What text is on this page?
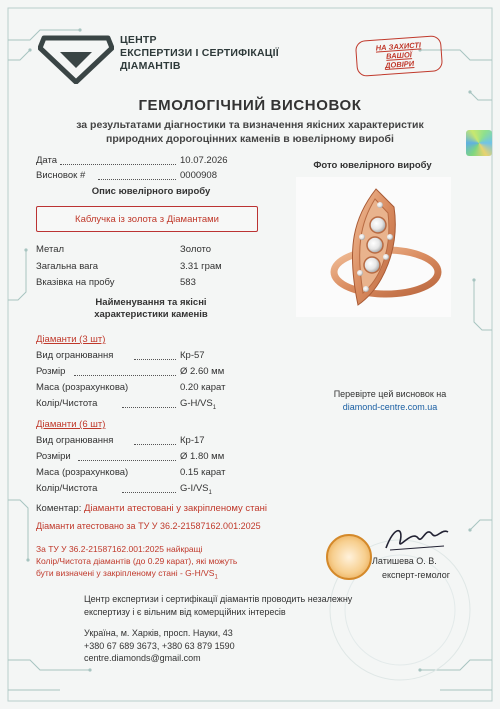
ЦЕНТР
ЕКСПЕРТИЗИ І СЕРТИФІКАЦІЇ
ДІАМАНТІВ
НА ЗАХИСТІ
ВАШОЇ
ДОВІРИ
ГЕМОЛОГІЧНИЙ ВИСНОВОК
за результатами діагностики та визначення якісних характеристик
природних дорогоцінних каменів в ювелірному виробі
Дата	10.07.2026
Висновок #	0000908
Опис ювелірного виробу
Каблучка із золота з Діамантами
Метал	Золото
Загальна вага	3.31 грам
Вказівка на пробу	583
Найменування та якісні
характеристики каменів
Діаманти (3 шт)
Вид огранювання	Кр-57
Розмір	Ø 2.60 мм
Маса (розрахункова)	0.20 карат
Колір/Чистота	$G-H/VS_1$
Діаманти (6 шт)
Вид огранювання	Кр-17
Розміри	Ø 1.80 мм
Маса (розрахункова)	0.15 карат
Колір/Чистота	$G-I/VS_1$
Фото ювелірного виробу
Перевірте цей висновок на
diamond-centre.com.ua
Коментар: Діаманти атестовані у закріпленому стані
Діаманти атестовано за ТУ У 36.2-21587162.001:2025
За ТУ У 36.2-21587162.001:2025 найкращі
Колір/Чистота діамантів (до 0.29 карат), які можуть
бути визначені у закріпленому стані - $G-H/VS_1$
Латишева О. В.
експерт-гемолог
Центр експертизи і сертифікації діамантів проводить незалежну
експертизу і є вільним від комерційних інтересів
Україна, м. Харків, просп. Науки, 43
+380 67 689 3673, +380 63 879 1590
centre.diamonds@gmail.com
